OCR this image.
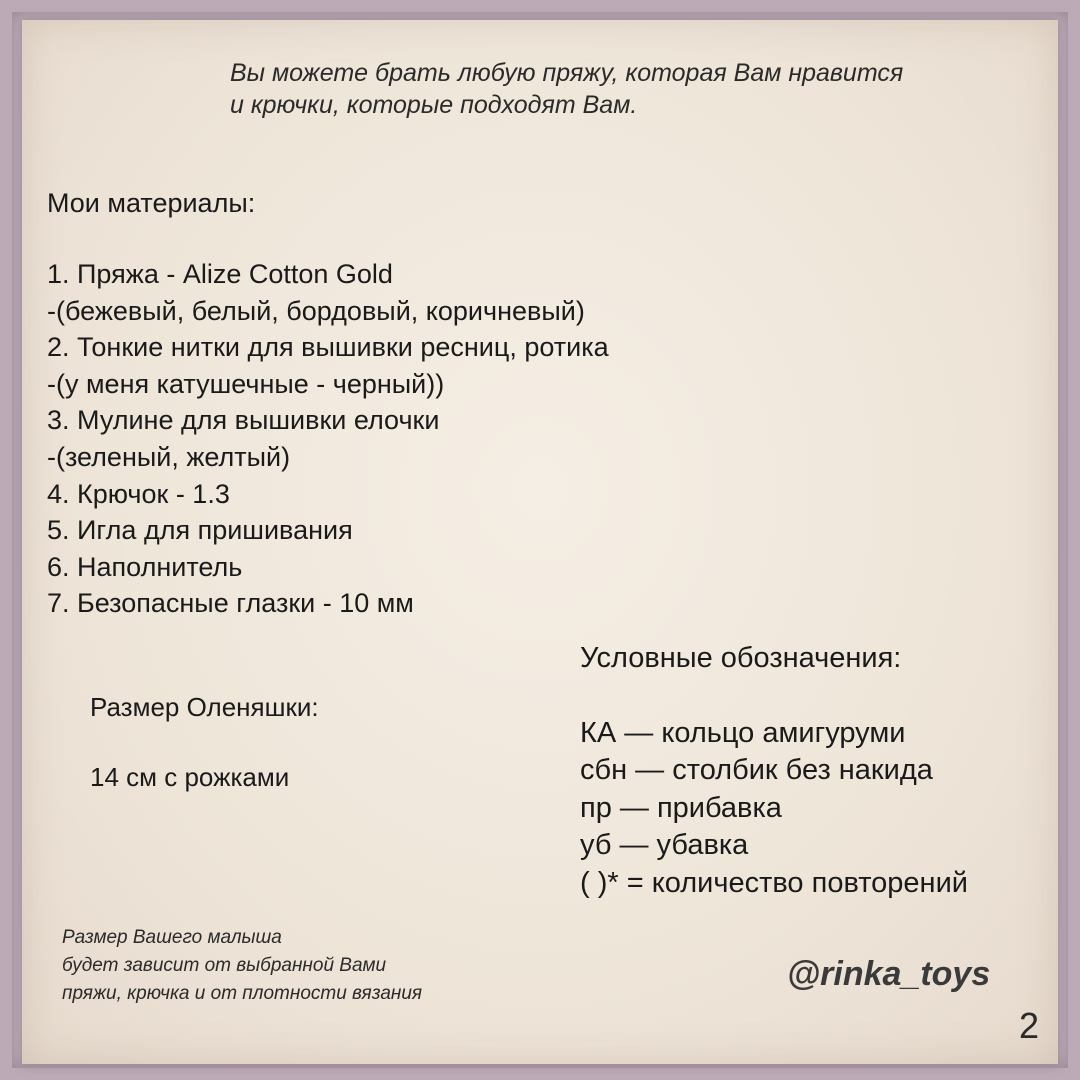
Вы можете брать любую пряжу, которая Вам нравится
и крючки, которые подходят Вам.
Мои материалы:
1. Пряжа - Alize Cotton Gold
-(бежевый, белый, бордовый, коричневый)
2. Тонкие нитки для вышивки ресниц, ротика
-(у меня катушечные - черный))
3. Мулине для вышивки елочки
-(зеленый, желтый)
4. Крючок - 1.3
5. Игла для пришивания
6. Наполнитель
7. Безопасные глазки - 10 мм
Условные обозначения:
КА — кольцо амигуруми
сбн — столбик без накида
пр — прибавка
уб — убавка
( )* = количество повторений
Размер Оленяшки:
14 см с рожками
Размер Вашего малыша
будет зависит от выбранной Вами
пряжи, крючка и от плотности вязания
@rinka_toys
2
